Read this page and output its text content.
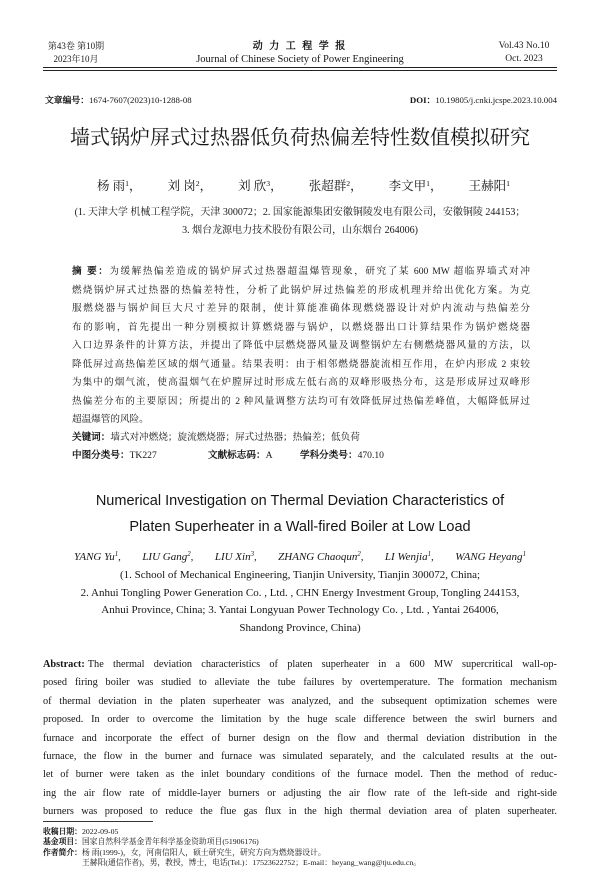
第43卷 第10期
2023年10月
动 力 工 程 学 报
Journal of Chinese Society of Power Engineering
Vol.43 No.10
Oct. 2023
文章编号：1674-7607(2023)10-1288-08	DOI：10.19805/j.cnki.jcspe.2023.10.004
墙式锅炉屏式过热器低负荷热偏差特性数值模拟研究
杨 雨$^1$， 刘 岗$^2$， 刘 欣$^3$， 张超群$^2$， 李文甲$^1$， 王赫阳$^1$
(1. 天津大学 机械工程学院，天津 300072；2. 国家能源集团安徽铜陵发电有限公司，安徽铜陵 244153；
3. 烟台龙源电力技术股份有限公司，山东烟台 264006)
摘 要：为缓解热偏差造成的锅炉屏式过热器超温爆管现象，研究了某 600 MW 超临界墙式对冲
燃烧锅炉屏式过热器的热偏差特性，分析了此锅炉屏过热偏差的形成机理并给出优化方案。为克
服燃烧器与锅炉间巨大尺寸差异的限制，使计算能准确体现燃烧器设计对炉内流动与热偏差分
布的影响，首先提出一种分别模拟计算燃烧器与锅炉，以燃烧器出口计算结果作为锅炉燃烧器
入口边界条件的计算方法，并提出了降低中层燃烧器风量及调整锅炉左右侧燃烧器风量的方法，以
降低屏过高热偏差区域的烟气通量。结果表明：由于相邻燃烧器旋流相互作用，在炉内形成 2 束较
为集中的烟气流，使高温烟气在炉膛屏过时形成左低右高的双峰形吸热分布，这是形成屏过双峰形
热偏差分布的主要原因；所提出的 2 种风量调整方法均可有效降低屏过热偏差峰值，大幅降低屏过
超温爆管的风险。
关键词：墙式对冲燃烧；旋流燃烧器；屏式过热器；热偏差；低负荷
中图分类号：TK227	文献标志码：A	学科分类号：470.10
Numerical Investigation on Thermal Deviation Characteristics of
Platen Superheater in a Wall-fired Boiler at Low Load
YANG Yu$^1$, LIU Gang$^2$, LIU Xin$^3$, ZHANG Chaoqun$^2$, LI Wenjia$^1$, WANG Heyang$^1$
(1. School of Mechanical Engineering, Tianjin University, Tianjin 300072, China;
2. Anhui Tongling Power Generation Co. , Ltd. , CHN Energy Investment Group, Tongling 244153,
Anhui Province, China; 3. Yantai Longyuan Power Technology Co. , Ltd. , Yantai 264006,
Shandong Province, China)
Abstract: The thermal deviation characteristics of platen superheater in a 600 MW supercritical wall-op-
posed firing boiler was studied to alleviate the tube failures by overtemperature. The formation mechanism
of thermal deviation in the platen superheater was analyzed, and the subsequent optimization schemes were
proposed. In order to overcome the limitation by the huge scale difference between the swirl burners and
furnace and incorporate the effect of burner design on the flow and thermal deviation distribution in the
furnace, the flow in the burner and furnace was simulated separately, and the calculated results at the out-
let of burner were taken as the inlet boundary conditions of the furnace model. Then the method of reduc-
ing the air flow rate of middle-layer burners or adjusting the air flow rate of the left-side and right-side
burners was proposed to reduce the flue gas flux in the high thermal deviation area of platen superheater.
收稿日期：2022-09-05
基金项目：国家自然科学基金青年科学基金资助项目(51906176)
作者简介：杨 雨(1999-)，女，河南信阳人，硕士研究生，研究方向为燃烧器设计。
王赫阳(通信作者)，男，教授，博士，电话(Tel.)：17523622752；E-mail：heyang_wang@tju.edu.cn。
